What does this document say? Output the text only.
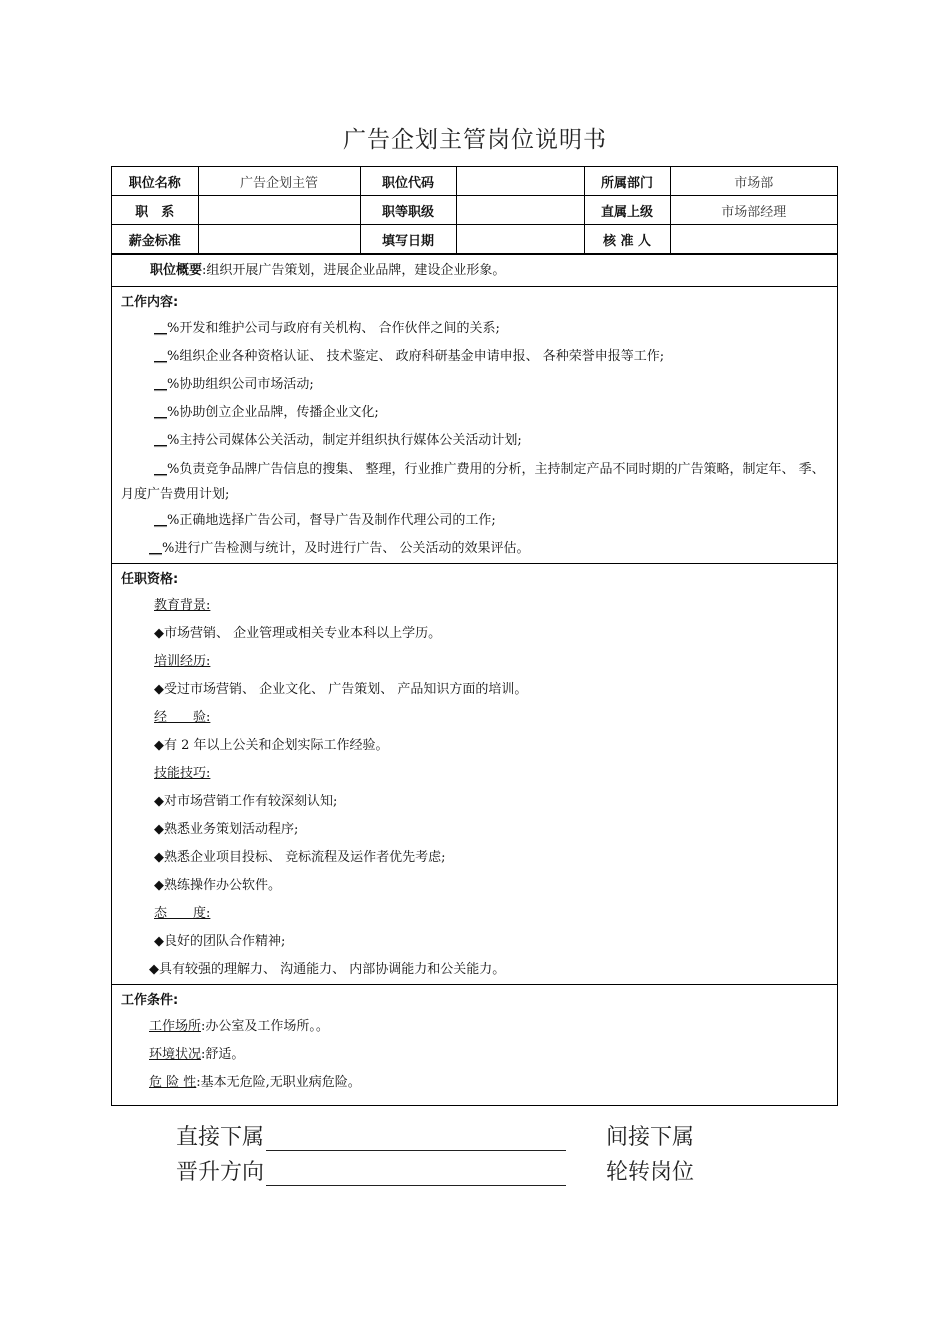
广告企划主管岗位说明书
职位名称	广告企划主管	职位代码		所属部门	市场部
职　系		职等职级		直属上级	市场部经理
薪金标准		填写日期		核 准 人	
职位概要:组织开展广告策划，进展企业品牌，建设企业形象。
工作内容:
__%开发和维护公司与政府有关机构、 合作伙伴之间的关系;
__%组织企业各种资格认证、 技术鉴定、 政府科研基金申请申报、 各种荣誉申报等工作;
__%协助组织公司市场活动;
__%协助创立企业品牌，传播企业文化;
__%主持公司媒体公关活动，制定并组织执行媒体公关活动计划;
__%负责竞争品牌广告信息的搜集、 整理，行业推广费用的分析，主持制定产品不同时期的广告策略，制定年、 季、 月度广告费用计划;
__%正确地选择广告公司，督导广告及制作代理公司的工作;
__%进行广告检测与统计，及时进行广告、 公关活动的效果评估。
任职资格:
教育背景:
◆市场营销、 企业管理或相关专业本科以上学历。
培训经历:
◆受过市场营销、 企业文化、 广告策划、 产品知识方面的培训。
经　　验:
◆有 2 年以上公关和企划实际工作经验。
技能技巧:
◆对市场营销工作有较深刻认知;
◆熟悉业务策划活动程序;
◆熟悉企业项目投标、 竞标流程及运作者优先考虑;
◆熟练操作办公软件。
态　　度:
◆良好的团队合作精神;
◆具有较强的理解力、 沟通能力、 内部协调能力和公关能力。
工作条件:
工作场所:办公室及工作场所。。
环境状况:舒适。
危 险 性:基本无危险,无职业病危险。
直接下属	间接下属
晋升方向	轮转岗位
